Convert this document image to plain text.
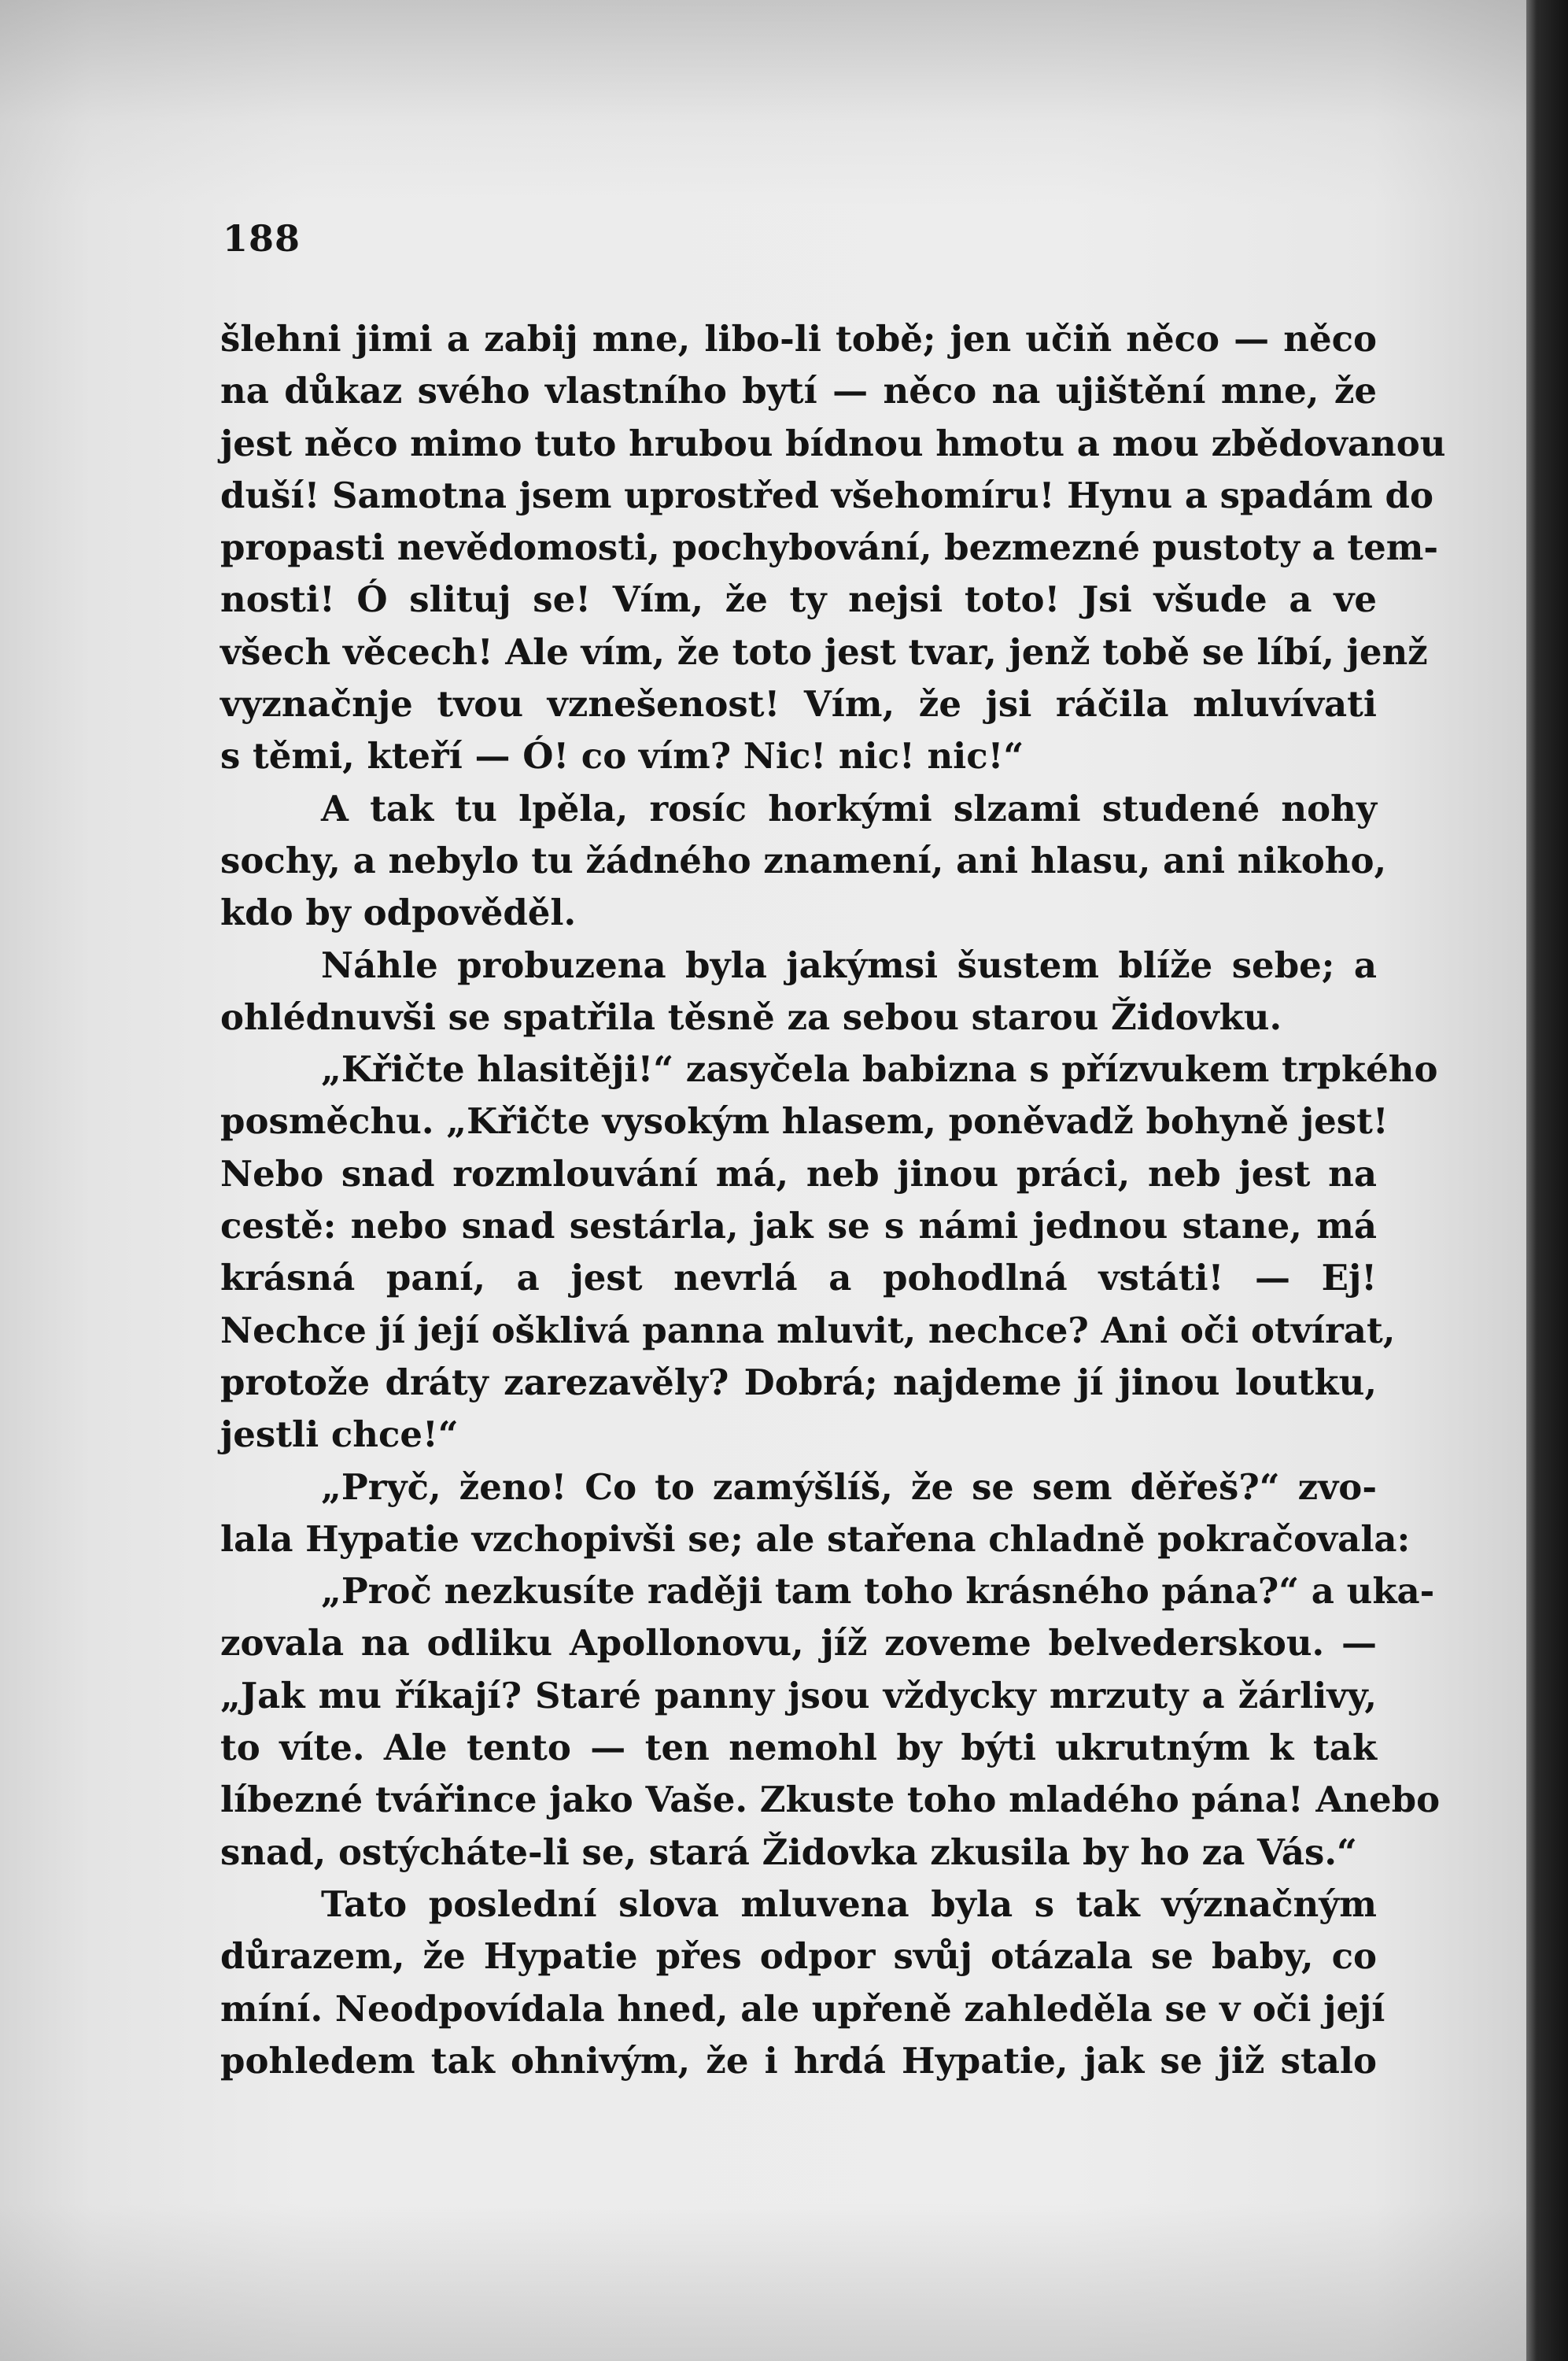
188

šlehni jimi a zabij mne, libo-li tobě; jen učiň něco — něco
na důkaz svého vlastního bytí — něco na ujištění mne, že
jest něco mimo tuto hrubou bídnou hmotu a mou zbědovanou
duší! Samotna jsem uprostřed všehomíru! Hynu a spadám do
propasti nevědomosti, pochybování, bezmezné pustoty a tem-
nosti! Ó slituj se! Vím, že ty nejsi toto! Jsi všude a ve
všech věcech! Ale vím, že toto jest tvar, jenž tobě se líbí, jenž
vyznačnje tvou vznešenost! Vím, že jsi ráčila mluvívati
s těmi, kteří — Ó! co vím? Nic! nic! nic!“
A tak tu lpěla, rosíc horkými slzami studené nohy
sochy, a nebylo tu žádného znamení, ani hlasu, ani nikoho,
kdo by odpověděl.
Náhle probuzena byla jakýmsi šustem blíže sebe; a
ohlédnuvši se spatřila těsně za sebou starou Židovku.
„Křičte hlasitěji!“ zasyčela babizna s přízvukem trpkého
posměchu. „Křičte vysokým hlasem, poněvadž bohyně jest!
Nebo snad rozmlouvání má, neb jinou práci, neb jest na
cestě: nebo snad sestárla, jak se s námi jednou stane, má
krásná paní, a jest nevrlá a pohodlná vstáti! — Ej!
Nechce jí její ošklivá panna mluvit, nechce? Ani oči otvírat,
protože dráty zarezavěly? Dobrá; najdeme jí jinou loutku,
jestli chce!“
„Pryč, ženo! Co to zamýšlíš, že se sem děřeš?“ zvo-
lala Hypatie vzchopivši se; ale stařena chladně pokračovala:
„Proč nezkusíte raději tam toho krásného pána?“ a uka-
zovala na odliku Apollonovu, jíž zoveme belvederskou. —
„Jak mu říkají? Staré panny jsou vždycky mrzuty a žárlivy,
to víte. Ale tento — ten nemohl by býti ukrutným k tak
líbezné tvářince jako Vaše. Zkuste toho mladého pána! Anebo
snad, ostýcháte-li se, stará Židovka zkusila by ho za Vás.“
Tato poslední slova mluvena byla s tak význačným
důrazem, že Hypatie přes odpor svůj otázala se baby, co
míní. Neodpovídala hned, ale upřeně zahleděla se v oči její
pohledem tak ohnivým, že i hrdá Hypatie, jak se již stalo
